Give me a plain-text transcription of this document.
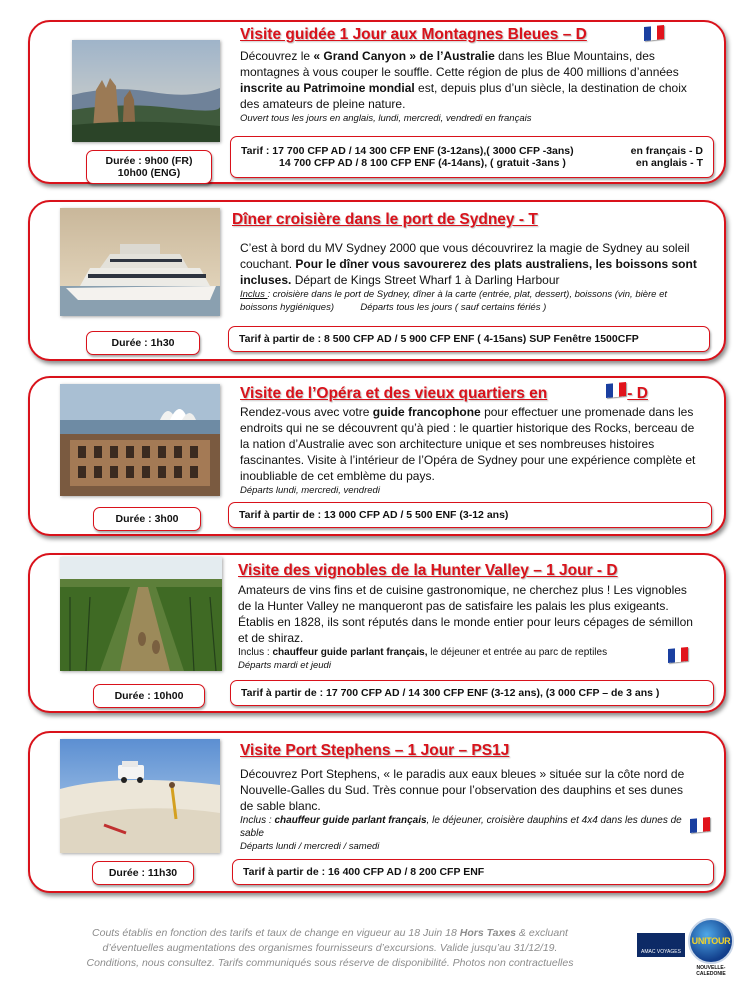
Visite guidée 1 Jour aux Montagnes Bleues – D

Découvrez le « Grand Canyon » de l’Australie dans les Blue Mountains, des montagnes à vous couper le souffle. Cette région de plus de 400 millions d’années inscrite au Patrimoine mondial est, depuis plus d’un siècle, la destination de choix des amateurs de pleine nature.

Ouvert tous les jours en anglais, lundi, mercredi, vendredi en français

Durée : 9h00 (FR)
10h00 (ENG)
Tarif : 17 700 CFP AD / 14 300 CFP ENF (3-12ans),( 3000 CFP -3ans)	en français - D
14 700 CFP AD / 8 100 CFP ENF (4-14ans), ( gratuit -3ans )	en anglais - T
Dîner croisière dans le port de Sydney - T

C’est à bord du MV Sydney 2000 que vous découvrirez la magie de Sydney au soleil couchant. Pour le dîner vous savourerez des plats australiens, les boissons sont incluses. Départ de Kings Street Wharf 1 à Darling Harbour

Inclus : croisière dans le port de Sydney, dîner à la carte (entrée, plat, dessert), boissons (vin, bière et boissons hygiéniques)	Départs tous les jours ( sauf certains fériés )

Durée : 1h30	Tarif à partir de : 8 500 CFP AD / 5 900 CFP ENF ( 4-15ans) SUP Fenêtre 1500CFP
Visite de l’Opéra et des vieux quartiers en	- D

Rendez-vous avec votre guide francophone pour effectuer une promenade dans les endroits qui ne se découvrent qu’à pied : le quartier historique des Rocks, berceau de la nation d’Australie avec son architecture unique et ses nombreuses histoires fascinantes. Visite à l’intérieur de l’Opéra de Sydney pour une expérience complète et inoubliable de cet emblème du pays.

Départs lundi, mercredi, vendredi

Durée : 3h00	Tarif à partir de : 13 000 CFP AD / 5 500 ENF (3-12 ans)
Visite des vignobles de la Hunter Valley – 1 Jour - D

Amateurs de vins fins et de cuisine gastronomique, ne cherchez plus ! Les vignobles de la Hunter Valley ne manqueront pas de satisfaire les palais les plus exigeants. Établis en 1828, ils sont réputés dans le monde entier pour leurs cépages de sémillon et de shiraz.

Inclus : chauffeur guide parlant français, le déjeuner et entrée au parc de reptiles

Départs mardi et jeudi

Durée : 10h00	Tarif à partir de : 17 700 CFP AD / 14 300 CFP ENF (3-12 ans), (3 000 CFP – de 3 ans )
Visite Port Stephens – 1 Jour – PS1J

Découvrez Port Stephens, « le paradis aux eaux bleues » située sur la côte nord de Nouvelle-Galles du Sud. Très connue pour l’observation des dauphins et ses dunes de sable blanc.

Inclus : chauffeur guide parlant français, le déjeuner, croisière dauphins et 4x4 dans les dunes de sable

Départs lundi / mercredi / samedi

Durée : 11h30	Tarif à partir de : 16 400 CFP AD / 8 200 CFP ENF
Couts établis en fonction des tarifs et taux de change en vigueur au 18 Juin 18 Hors Taxes & excluant
d’éventuelles augmentations des organismes fournisseurs d’excursions. Valide jusqu’au 31/12/19.
Conditions, nous consultez. Tarifs communiqués sous réserve de disponibilité. Photos non contractuelles
AMAC VOYAGES
UNITOUR
NOUVELLE-CALEDONIE
